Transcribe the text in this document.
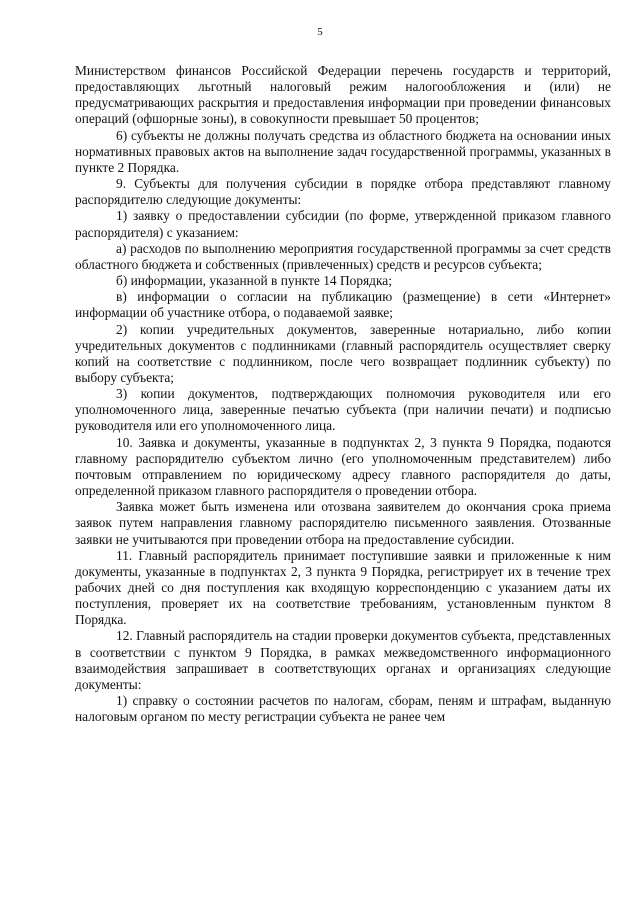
5

Министерством финансов Российской Федерации перечень государств и территорий, предоставляющих льготный налоговый режим налогообложения и (или) не предусматривающих раскрытия и предоставления информации при проведении финансовых операций (офшорные зоны), в совокупности превышает 50 процентов;

6) субъекты не должны получать средства из областного бюджета на основании иных нормативных правовых актов на выполнение задач государственной программы, указанных в пункте 2 Порядка.

9. Субъекты для получения субсидии в порядке отбора представляют главному распорядителю следующие документы:

1) заявку о предоставлении субсидии (по форме, утвержденной приказом главного распорядителя) с указанием:

а) расходов по выполнению мероприятия государственной программы за счет средств областного бюджета и собственных (привлеченных) средств и ресурсов субъекта;

б) информации, указанной в пункте 14 Порядка;

в) информации о согласии на публикацию (размещение) в сети «Интернет» информации об участнике отбора, о подаваемой заявке;

2) копии учредительных документов, заверенные нотариально, либо копии учредительных документов с подлинниками (главный распорядитель осуществляет сверку копий на соответствие с подлинником, после чего возвращает подлинник субъекту) по выбору субъекта;

3) копии документов, подтверждающих полномочия руководителя или его уполномоченного лица, заверенные печатью субъекта (при наличии печати) и подписью руководителя или его уполномоченного лица.

10. Заявка и документы, указанные в подпунктах 2, 3 пункта 9 Порядка, подаются главному распорядителю субъектом лично (его уполномоченным представителем) либо почтовым отправлением по юридическому адресу главного распорядителя до даты, определенной приказом главного распорядителя о проведении отбора.

Заявка может быть изменена или отозвана заявителем до окончания срока приема заявок путем направления главному распорядителю письменного заявления. Отозванные заявки не учитываются при проведении отбора на предоставление субсидии.

11. Главный распорядитель принимает поступившие заявки и приложенные к ним документы, указанные в подпунктах 2, 3 пункта 9 Порядка, регистрирует их в течение трех рабочих дней со дня поступления как входящую корреспонденцию с указанием даты их поступления, проверяет их на соответствие требованиям, установленным пунктом 8 Порядка.

12. Главный распорядитель на стадии проверки документов субъекта, представленных в соответствии с пунктом 9 Порядка, в рамках межведомственного информационного взаимодействия запрашивает в соответствующих органах и организациях следующие документы:

1) справку о состоянии расчетов по налогам, сборам, пеням и штрафам, выданную налоговым органом по месту регистрации субъекта не ранее чем
